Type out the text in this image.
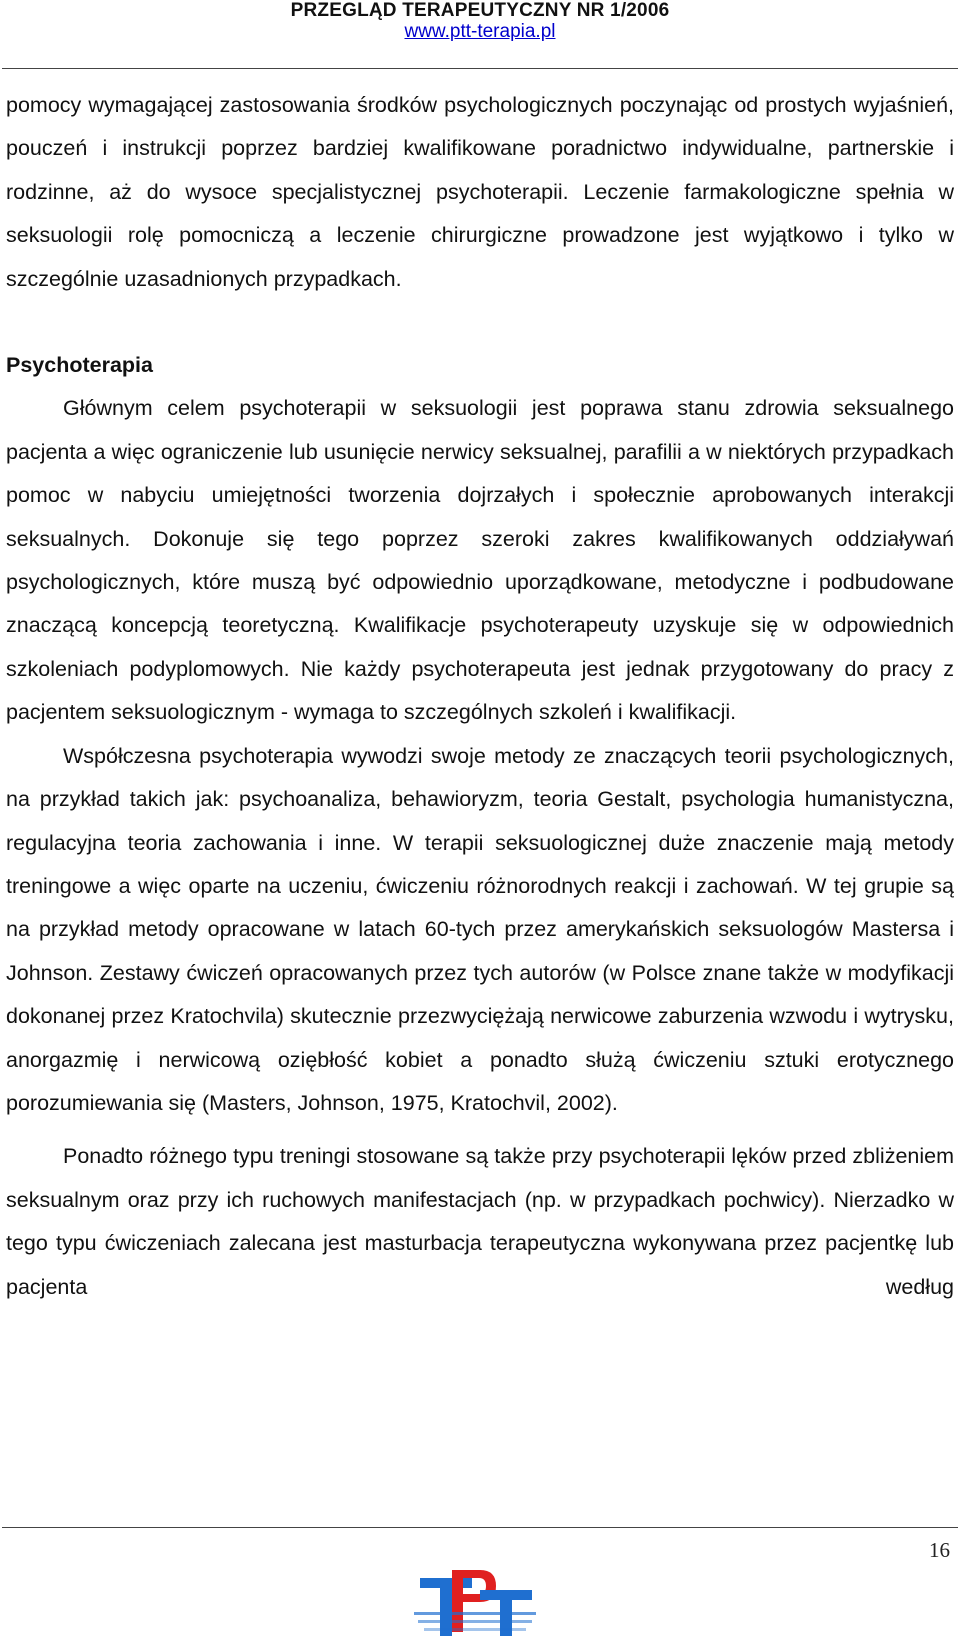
PRZEGLĄD TERAPEUTYCZNY NR 1/2006
www.ptt-terapia.pl

pomocy wymagającej zastosowania środków psychologicznych poczynając od prostych wyjaśnień, pouczeń i instrukcji poprzez bardziej kwalifikowane poradnictwo indywidualne, partnerskie i rodzinne, aż do wysoce specjalistycznej psychoterapii. Leczenie farmakologiczne spełnia w seksuologii rolę pomocniczą a leczenie chirurgiczne prowadzone jest wyjątkowo i tylko w szczególnie uzasadnionych przypadkach.

Psychoterapia

Głównym celem psychoterapii w seksuologii jest poprawa stanu zdrowia seksualnego pacjenta a więc ograniczenie lub usunięcie nerwicy seksualnej, parafilii a w niektórych przypadkach pomoc w nabyciu umiejętności tworzenia dojrzałych i społecznie aprobowanych interakcji seksualnych. Dokonuje się tego poprzez szeroki zakres kwalifikowanych oddziaływań psychologicznych, które muszą być odpowiednio uporządkowane, metodyczne i podbudowane znaczącą koncepcją teoretyczną. Kwalifikacje psychoterapeuty uzyskuje się w odpowiednich szkoleniach podyplomowych. Nie każdy psychoterapeuta jest jednak przygotowany do pracy z pacjentem seksuologicznym - wymaga to szczególnych szkoleń i kwalifikacji.

Współczesna psychoterapia wywodzi swoje metody ze znaczących teorii psychologicznych, na przykład takich jak: psychoanaliza, behawioryzm, teoria Gestalt, psychologia humanistyczna, regulacyjna teoria zachowania i inne. W terapii seksuologicznej duże znaczenie mają metody treningowe a więc oparte na uczeniu, ćwiczeniu różnorodnych reakcji i zachowań. W tej grupie są na przykład metody opracowane w latach 60-tych przez amerykańskich seksuologów Mastersa i Johnson. Zestawy ćwiczeń opracowanych przez tych autorów (w Polsce znane także w modyfikacji dokonanej przez Kratochvila) skutecznie przezwyciężają nerwicowe zaburzenia wzwodu i wytrysku, anorgazmię i nerwicową oziębłość kobiet a ponadto służą ćwiczeniu sztuki erotycznego porozumiewania się (Masters, Johnson, 1975, Kratochvil, 2002).

Ponadto różnego typu treningi stosowane są także przy psychoterapii lęków przed zbliżeniem seksualnym oraz przy ich ruchowych manifestacjach (np. w przypadkach pochwicy). Nierzadko w tego typu ćwiczeniach zalecana jest masturbacja terapeutyczna wykonywana przez pacjentkę lub pacjenta według

16
